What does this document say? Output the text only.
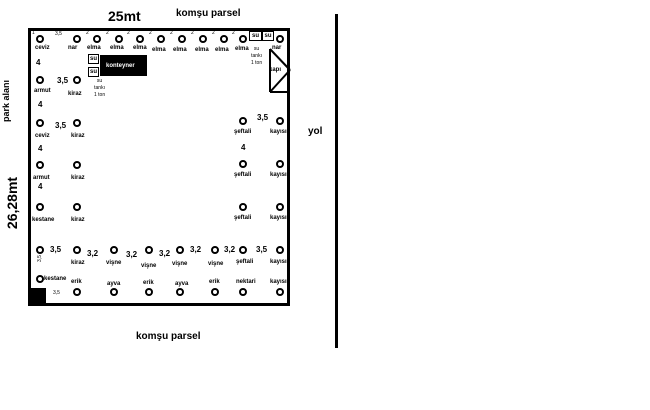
25mt	komşu parsel
komşu parsel
yol
park alanı
26,28mt
konteyner
su
su
su
tankı
1 ton
su su
su
tankı
1 ton
kapı
ceviz	nar elma elma elma elma elma elma elma elma	nar
armut	kiraz
ceviz	kiraz
şeftali	kayısı
armut	kiraz	şeftali	kayısı
kestane	kiraz	şeftali	kayısı
kiraz	vişne	vişne	vişne	vişne şeftali	kayısı
kestane erik	ayva	erik	ayva	erik	nektari kayısı
1	3,5	2	2	2	2	2	2	2	2
4
4
4
4
3,5
3,5
3,5
3,5
4
3,5	3,2	3,2	3,2 3,2	3,2	3,5
3,5
